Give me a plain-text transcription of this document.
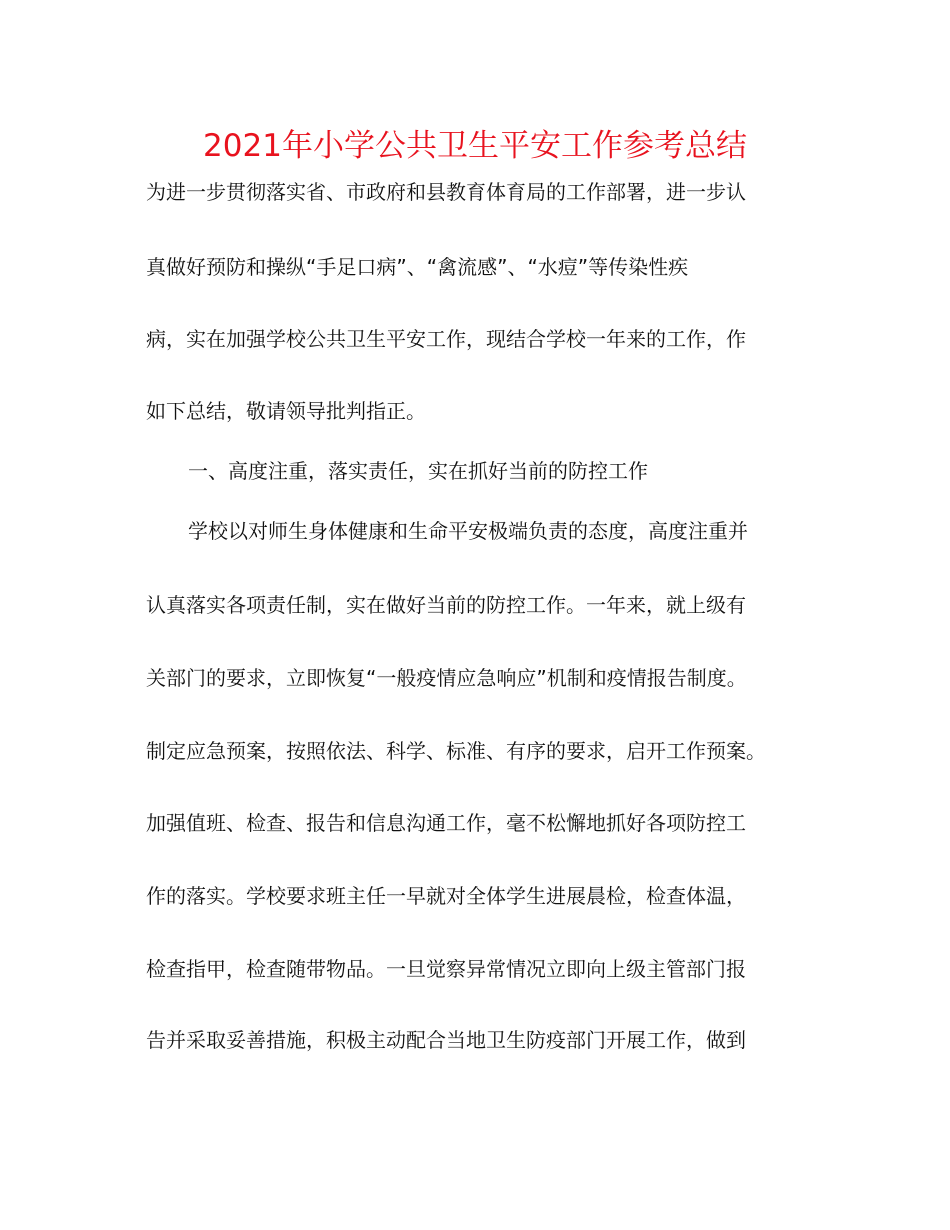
2021年小学公共卫生平安工作参考总结
为进一步贯彻落实省、市政府和县教育体育局的工作部署，进一步认
真做好预防和操纵“手足口病”、“禽流感”、“水痘”等传染性疾
病，实在加强学校公共卫生平安工作，现结合学校一年来的工作，作
如下总结，敬请领导批判指正。
一、高度注重，落实责任，实在抓好当前的防控工作
学校以对师生身体健康和生命平安极端负责的态度，高度注重并
认真落实各项责任制，实在做好当前的防控工作。一年来，就上级有
关部门的要求，立即恢复“一般疫情应急响应”机制和疫情报告制度。
制定应急预案，按照依法、科学、标准、有序的要求，启开工作预案。
加强值班、检查、报告和信息沟通工作，毫不松懈地抓好各项防控工
作的落实。学校要求班主任一早就对全体学生进展晨检，检查体温，
检查指甲，检查随带物品。一旦觉察异常情况立即向上级主管部门报
告并采取妥善措施，积极主动配合当地卫生防疫部门开展工作，做到
